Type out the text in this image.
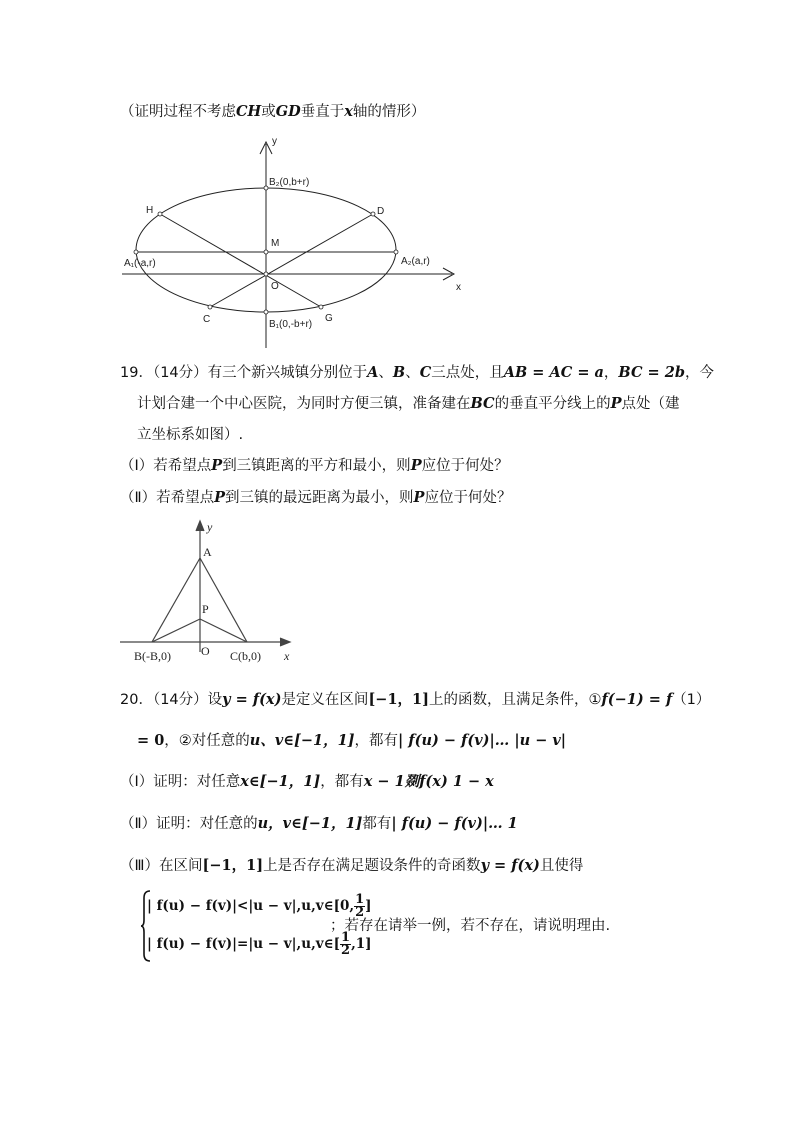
（证明过程不考虑CH或GD垂直于x轴的情形）
y
x
B₂(0,b+r)
H	D
M
A₁(-a,r)	A₂(a,r)
O
C	B₁(0,-b+r)
G
19．（14分）有三个新兴城镇分别位于A、B、C三点处，且AB = AC = a，BC = 2b，今
计划合建一个中心医院，为同时方便三镇，准备建在BC的垂直平分线上的P点处（建
立坐标系如图）.
（Ⅰ）若希望点P到三镇距离的平方和最小，则P应位于何处？
（Ⅱ）若希望点P到三镇的最远距离为最小，则P应位于何处？
y
A
P
B(-B,0)	O C(b,0) x
20．（14分）设y = f(x)是定义在区间[−1，1]上的函数，且满足条件，①f(−1) = f（1）
= 0，②对任意的u、v∈[−1，1]，都有| f(u) − f(v)|… |u − v|
（Ⅰ）证明：对任意x∈[−1，1]，都有x − 1剟f(x) 1 − x
（Ⅱ）证明：对任意的u，v∈[−1，1]都有| f(u) − f(v)|… 1
（Ⅲ）在区间[−1，1]上是否存在满足题设条件的奇函数y = f(x)且使得
| f(u) − f(v)|<|u − v|,u,v∈[0, $\frac{1}{2}$ ]
| f(u) − f(v)|=|u − v|,u,v∈[ $\frac{1}{2} ,1$]
；若存在请举一例，若不存在，请说明理由.
